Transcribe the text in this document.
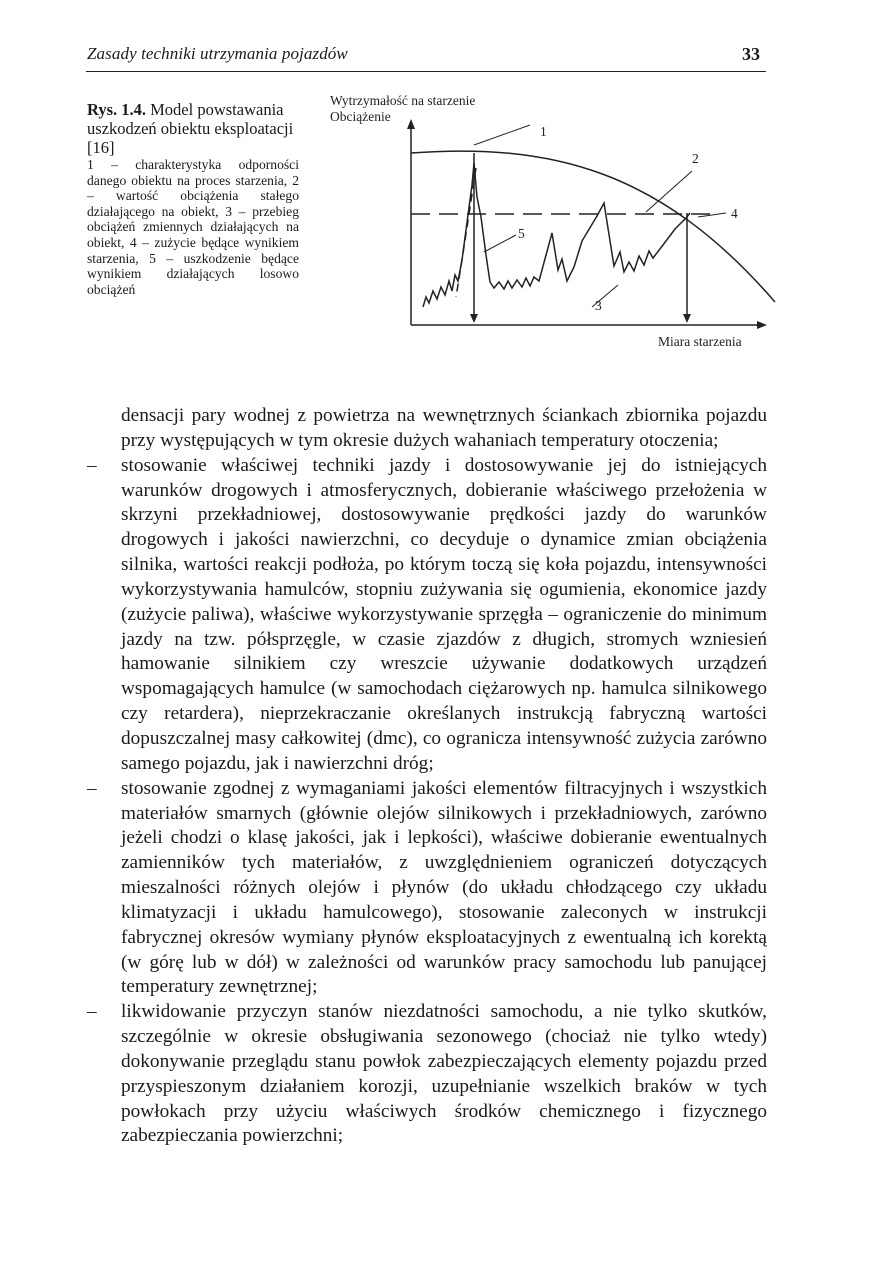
Zasady techniki utrzymania pojazdów	33
Rys. 1.4. Model powstawania uszkodzeń obiektu eksploatacji [16]
1 – charakterystyka odporności danego obiektu na proces starzenia, 2 – wartość obciążenia stałego działającego na obiekt, 3 – przebieg obciążeń zmiennych działających na obiekt, 4 – zużycie będące wynikiem starzenia, 5 – uszkodzenie będące wynikiem działających losowo obciążeń
Wytrzymałość na starzenie
Obciążenie
Miara starzenia
1
2
3
4
5

densacji pary wodnej z powietrza na wewnętrznych ściankach zbiornika pojazdu przy występujących w tym okresie dużych wahaniach temperatury otoczenia;

– stosowanie właściwej techniki jazdy i dostosowywanie jej do istniejących warunków drogowych i atmosferycznych, dobieranie właściwego przełożenia w skrzyni przekładniowej, dostosowywanie prędkości jazdy do warunków drogowych i jakości nawierzchni, co decyduje o dynamice zmian obciążenia silnika, wartości reakcji podłoża, po którym toczą się koła pojazdu, intensywności wykorzystywania hamulców, stopniu zużywania się ogumienia, ekonomice jazdy (zużycie paliwa), właściwe wykorzystywanie sprzęgła – ograniczenie do minimum jazdy na tzw. półsprzęgle, w czasie zjazdów z długich, stromych wzniesień hamowanie silnikiem czy wreszcie używanie dodatkowych urządzeń wspomagających hamulce (w samochodach ciężarowych np. hamulca silnikowego czy retardera), nieprzekraczanie określanych instrukcją fabryczną wartości dopuszczalnej masy całkowitej (dmc), co ogranicza intensywność zużycia zarówno samego pojazdu, jak i nawierzchni dróg;
– stosowanie zgodnej z wymaganiami jakości elementów filtracyjnych i wszystkich materiałów smarnych (głównie olejów silnikowych i przekładniowych, zarówno jeżeli chodzi o klasę jakości, jak i lepkości), właściwe dobieranie ewentualnych zamienników tych materiałów, z uwzględnieniem ograniczeń dotyczących mieszalności różnych olejów i płynów (do układu chłodzącego czy układu klimatyzacji i układu hamulcowego), stosowanie zaleconych w instrukcji fabrycznej okresów wymiany płynów eksploatacyjnych z ewentualną ich korektą (w górę lub w dół) w zależności od warunków pracy samochodu lub panującej temperatury zewnętrznej;
– likwidowanie przyczyn stanów niezdatności samochodu, a nie tylko skutków, szczególnie w okresie obsługiwania sezonowego (chociaż nie tylko wtedy) dokonywanie przeglądu stanu powłok zabezpieczających elementy pojazdu przed przyspieszonym działaniem korozji, uzupełnianie wszelkich braków w tych powłokach przy użyciu właściwych środków chemicznego i fizycznego zabezpieczania powierzchni;
